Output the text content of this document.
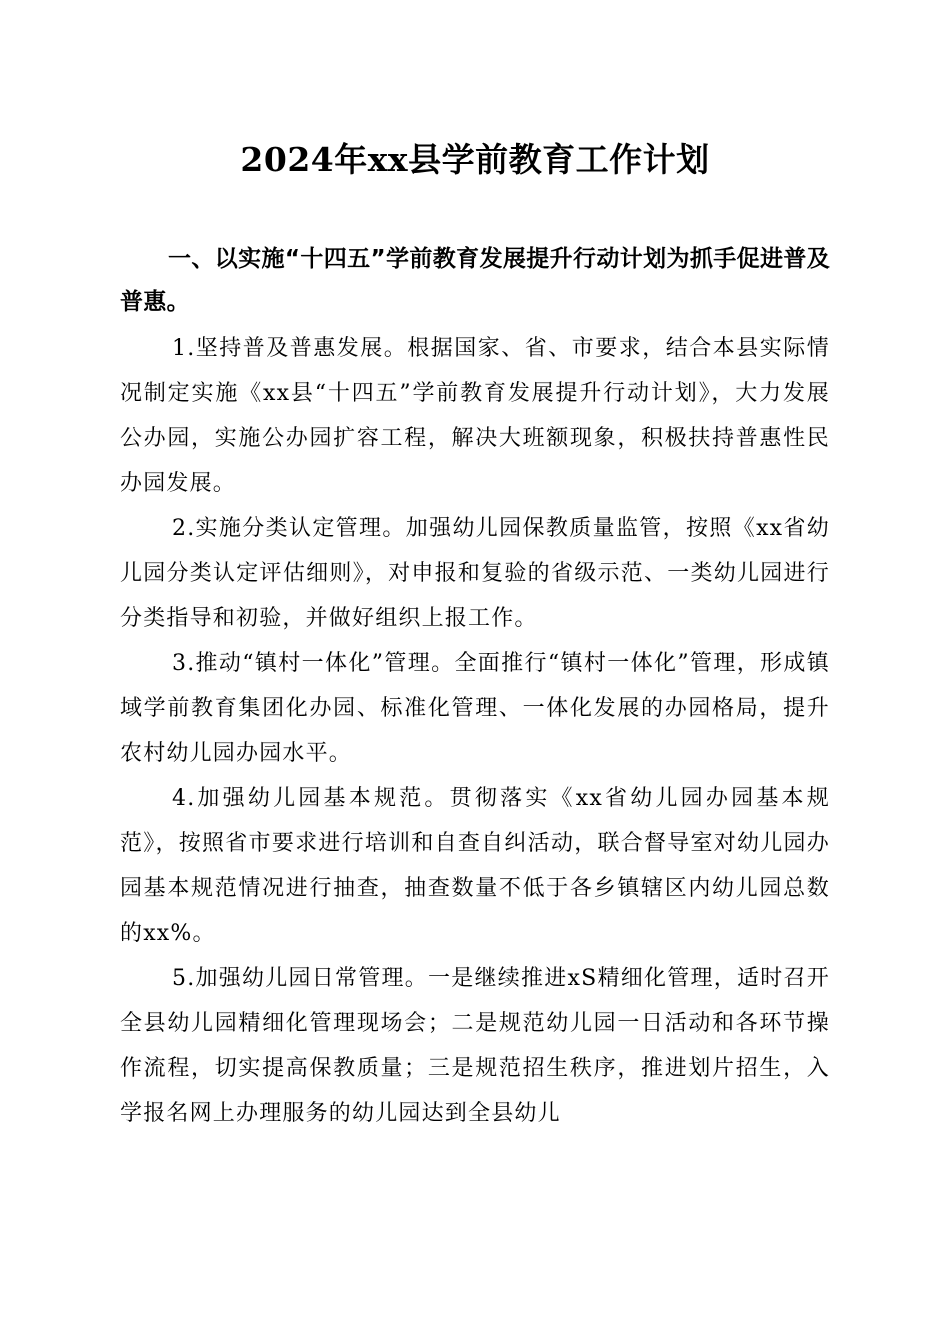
2024年xx县学前教育工作计划

一、以实施“十四五”学前教育发展提升行动计划为抓手促进普及普惠。

1.坚持普及普惠发展。根据国家、省、市要求，结合本县实际情况制定实施《xx县“十四五”学前教育发展提升行动计划》，大力发展公办园，实施公办园扩容工程，解决大班额现象，积极扶持普惠性民办园发展。

2.实施分类认定管理。加强幼儿园保教质量监管，按照《xx省幼儿园分类认定评估细则》，对申报和复验的省级示范、一类幼儿园进行分类指导和初验，并做好组织上报工作。

3.推动“镇村一体化”管理。全面推行“镇村一体化”管理，形成镇域学前教育集团化办园、标准化管理、一体化发展的办园格局，提升农村幼儿园办园水平。

4.加强幼儿园基本规范。贯彻落实《xx省幼儿园办园基本规范》，按照省市要求进行培训和自查自纠活动，联合督导室对幼儿园办园基本规范情况进行抽查，抽查数量不低于各乡镇辖区内幼儿园总数的xx%。

5.加强幼儿园日常管理。一是继续推进xS精细化管理，适时召开全县幼儿园精细化管理现场会；二是规范幼儿园一日活动和各环节操作流程，切实提高保教质量；三是规范招生秩序，推进划片招生，入学报名网上办理服务的幼儿园达到全县幼儿
